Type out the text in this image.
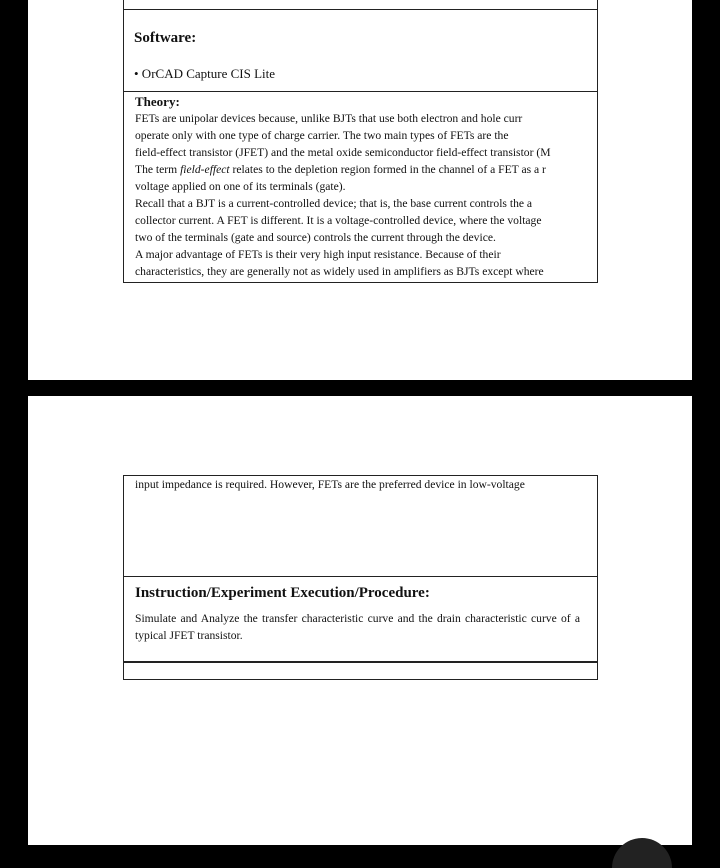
Software:
• OrCAD Capture CIS Lite
Theory:
FETs are unipolar devices because, unlike BJTs that use both electron and hole curr
operate only with one type of charge carrier. The two main types of FETs are the
field-effect transistor (JFET) and the metal oxide semiconductor field-effect transistor (M
The term field-effect relates to the depletion region formed in the channel of a FET as a r
voltage applied on one of its terminals (gate).
Recall that a BJT is a current-controlled device; that is, the base current controls the a
collector current. A FET is different. It is a voltage-controlled device, where the voltage
two of the terminals (gate and source) controls the current through the device.
A major advantage of FETs is their very high input resistance. Because of their
characteristics, they are generally not as widely used in amplifiers as BJTs except where
input impedance is required. However, FETs are the preferred device in low-voltage
Instruction/Experiment Execution/Procedure:
Simulate and Analyze the transfer characteristic curve and the drain characteristic curve of a typical JFET transistor.
